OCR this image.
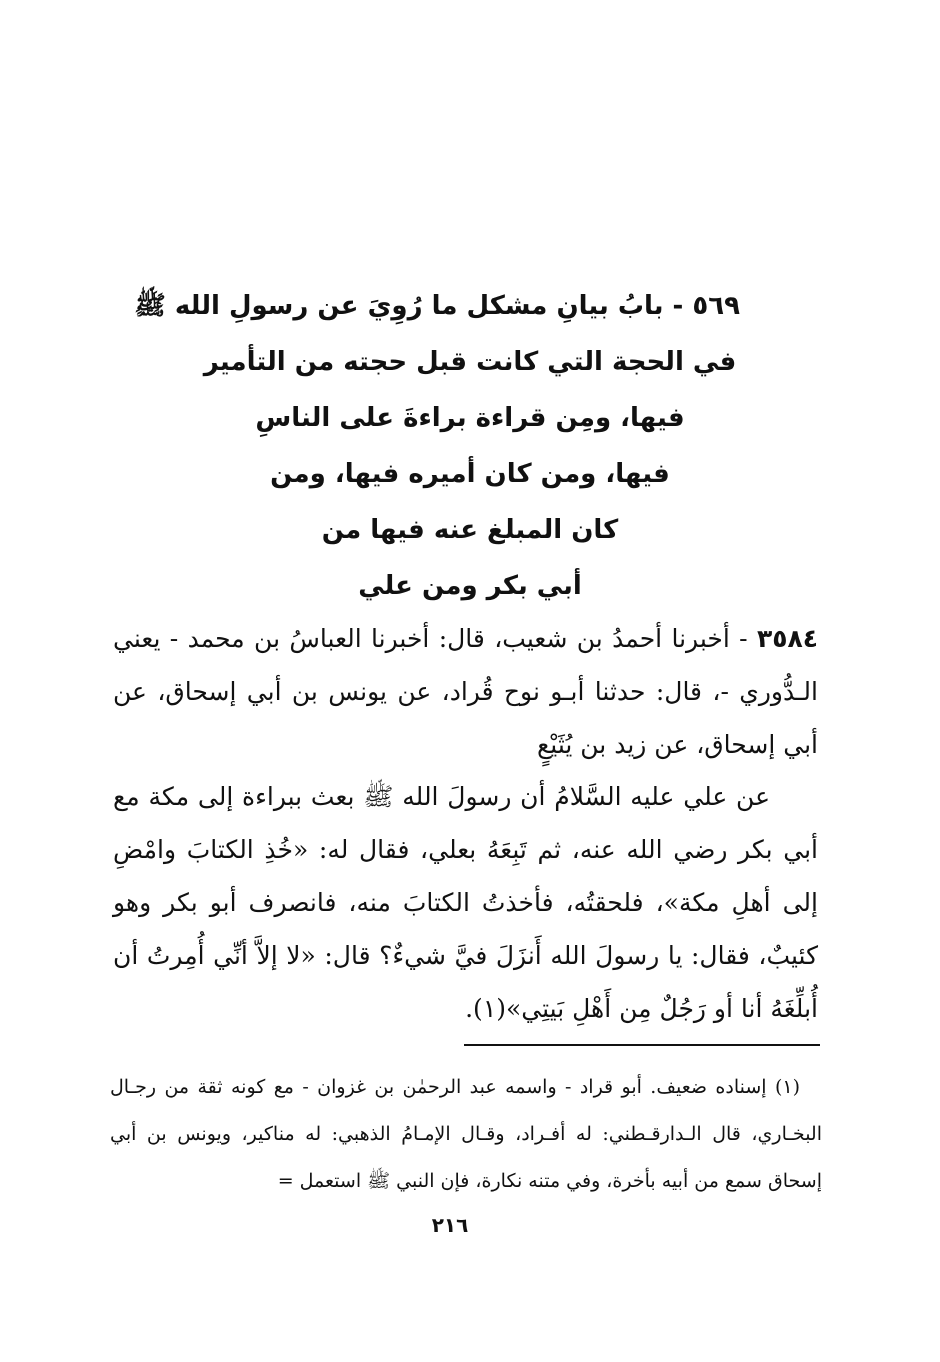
٥٦٩ - بابُ بيانِ مشكل ما رُوِيَ عن رسولِ الله ﷺ
في الحجة التي كانت قبل حجته من التأمير
فيها، ومِن قراءة براءةَ على الناسِ
فيها، ومن كان أميره فيها، ومن
كان المبلغ عنه فيها من
أبي بكر ومن علي

٣٥٨٤ - أخبرنا أحمدُ بن شعيب، قال: أخبرنا العباسُ بن محمد - يعني الـدُّوري -، قال: حدثنا أبـو نوح قُراد، عن يونس بن أبي إسحاق، عن أبي إسحاق، عن زيد بن يُثَيْعٍ

عن علي عليه السَّلامُ أن رسولَ الله ﷺ بعث ببراءة إلى مكة مع أبي بكر رضي الله عنه، ثم تَبِعَهُ بعلي، فقال له: «خُذِ الكتابَ وامْضِ إلى أهلِ مكة»، فلحقتُه، فأخذتُ الكتابَ منه، فانصرف أبو بكر وهو كئيبٌ، فقال: يا رسولَ الله أَنزَلَ فيَّ شيءٌ؟ قال: «لا إلاَّ أنِّي أُمِرتُ أن أُبلِّغَهُ أنا أو رَجُلٌ مِن أَهْلِ بَيتِي»(١).

(١) إسناده ضعيف. أبو قراد - واسمه عبد الرحمٰن بن غزوان - مع كونه ثقة من رجـال البخـاري، قال الـدارقـطني: له أفـراد، وقـال الإمـامُ الذهبي: له مناكير، ويونس بن أبي إسحاق سمع من أبيه بأخرة، وفي متنه نكارة، فإن النبي ﷺ استعمل =

٢١٦
